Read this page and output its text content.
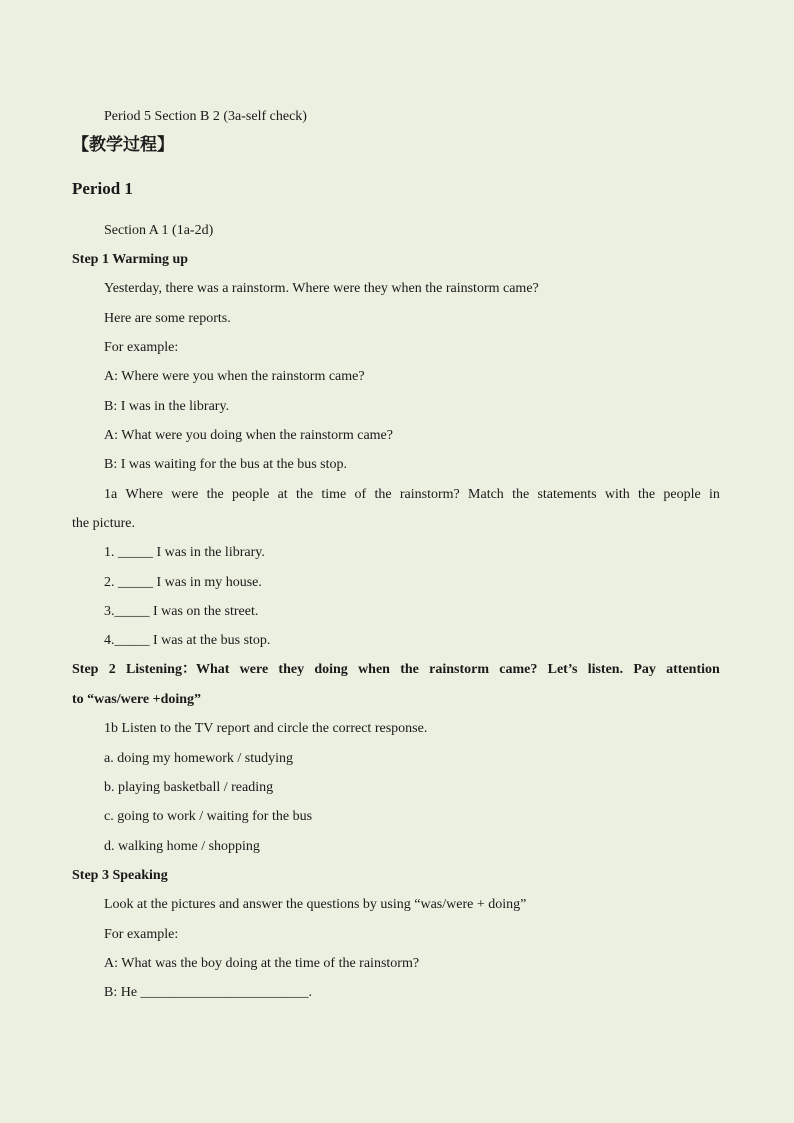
Period 5 Section B 2 (3a-self check)
【教学过程】
Period 1
Section A 1 (1a-2d)
Step 1 Warming up
Yesterday, there was a rainstorm. Where were they when the rainstorm came?
Here are some reports.
For example:
A: Where were you when the rainstorm came?
B: I was in the library.
A: What were you doing when the rainstorm came?
B: I was waiting for the bus at the bus stop.
1a Where were the people at the time of the rainstorm? Match the statements with the people in
the picture.
1. _____ I was in the library.
2. _____ I was in my house.
3._____ I was on the street.
4._____ I was at the bus stop.
Step 2 Listening：What were they doing when the rainstorm came? Let’s listen. Pay attention
to “was/were +doing”
1b Listen to the TV report and circle the correct response.
a. doing my homework / studying
b. playing basketball / reading
c. going to work / waiting for the bus
d. walking home / shopping
Step 3 Speaking
Look at the pictures and answer the questions by using “was/were + doing”
For example:
A: What was the boy doing at the time of the rainstorm?
B: He ________________________.
